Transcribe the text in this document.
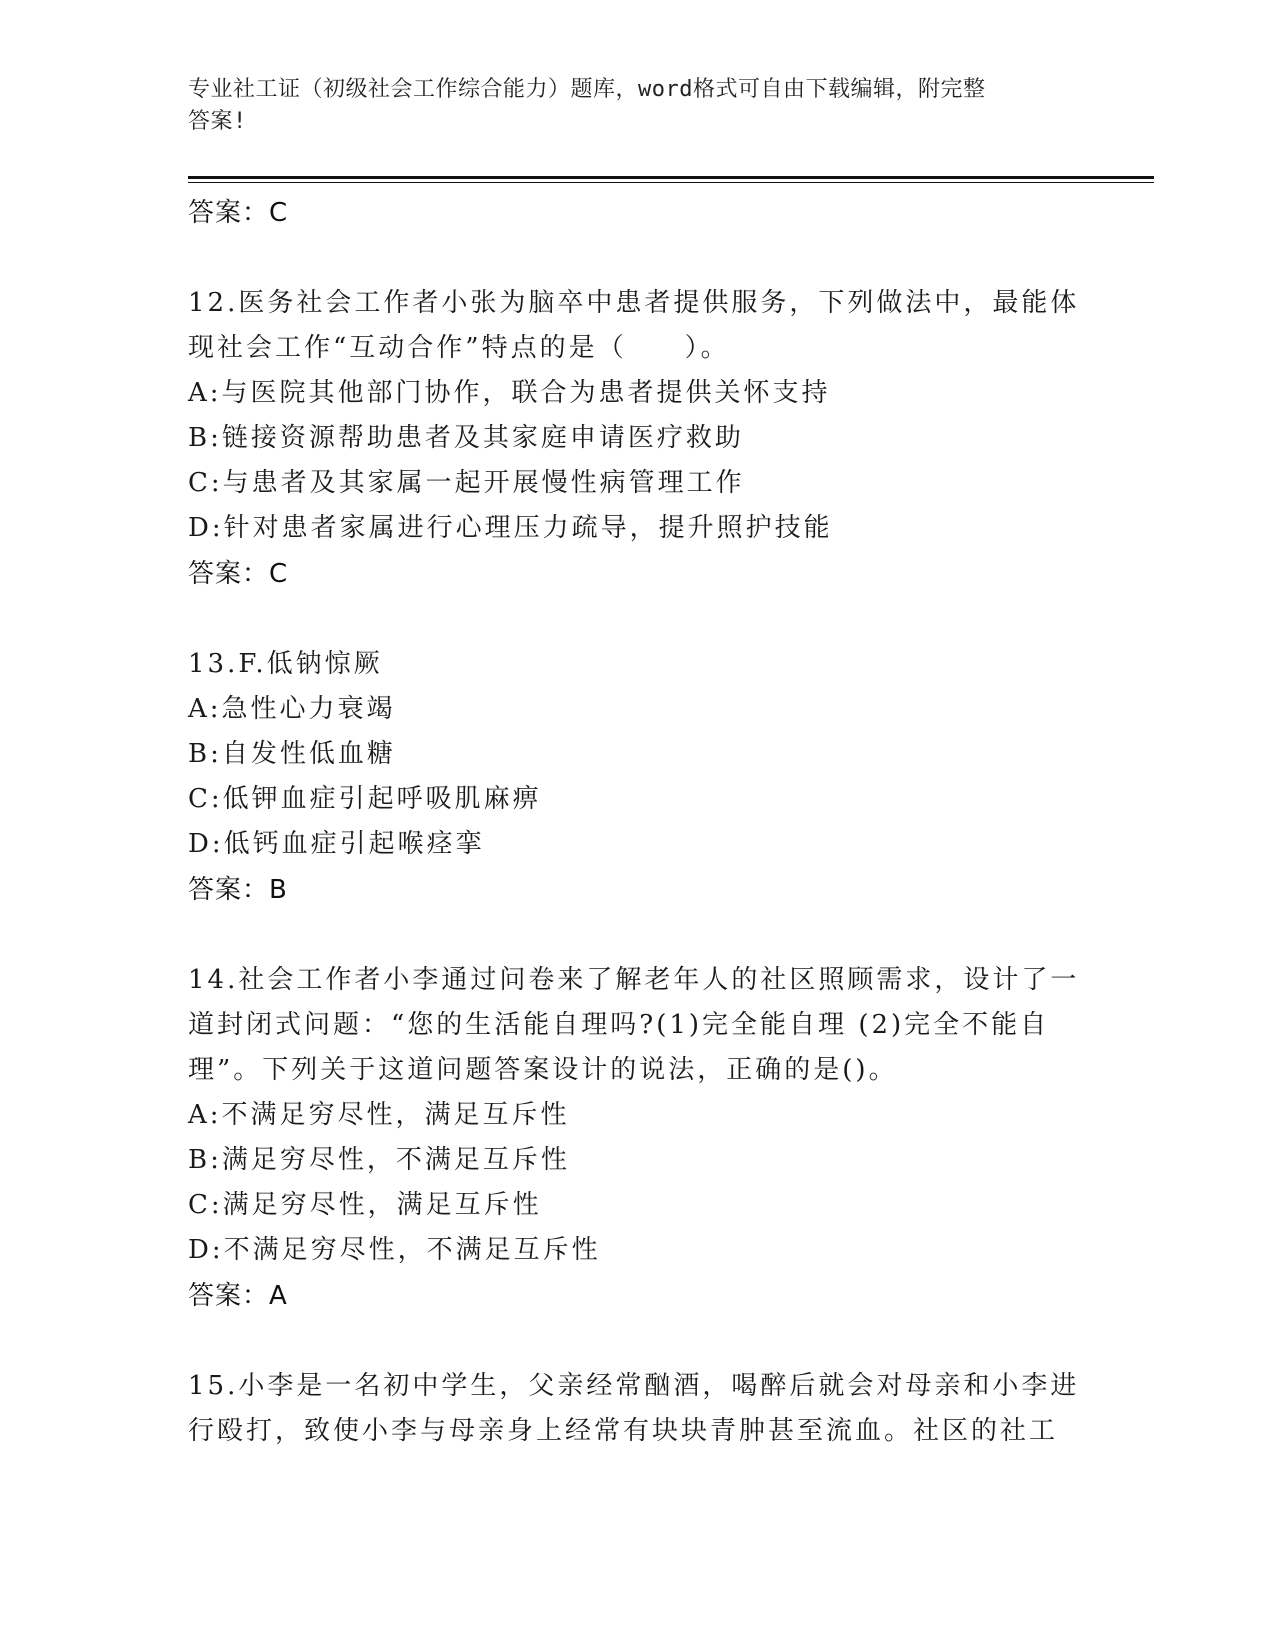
专业社工证（初级社会工作综合能力）题库，word格式可自由下载编辑，附完整
答案!
答案：C
12.医务社会工作者小张为脑卒中患者提供服务，下列做法中，最能体
现社会工作“互动合作”特点的是（　　）。
A:与医院其他部门协作，联合为患者提供关怀支持
B:链接资源帮助患者及其家庭申请医疗救助
C:与患者及其家属一起开展慢性病管理工作
D:针对患者家属进行心理压力疏导，提升照护技能
答案：C
13.F.低钠惊厥
A:急性心力衰竭
B:自发性低血糖
C:低钾血症引起呼吸肌麻痹
D:低钙血症引起喉痉挛
答案：B
14.社会工作者小李通过问卷来了解老年人的社区照顾需求，设计了一
道封闭式问题：“您的生活能自理吗?(1)完全能自理 (2)完全不能自
理”。下列关于这道问题答案设计的说法，正确的是()。
A:不满足穷尽性，满足互斥性
B:满足穷尽性，不满足互斥性
C:满足穷尽性，满足互斥性
D:不满足穷尽性，不满足互斥性
答案：A
15.小李是一名初中学生，父亲经常酗酒，喝醉后就会对母亲和小李进
行殴打，致使小李与母亲身上经常有块块青肿甚至流血。社区的社工
